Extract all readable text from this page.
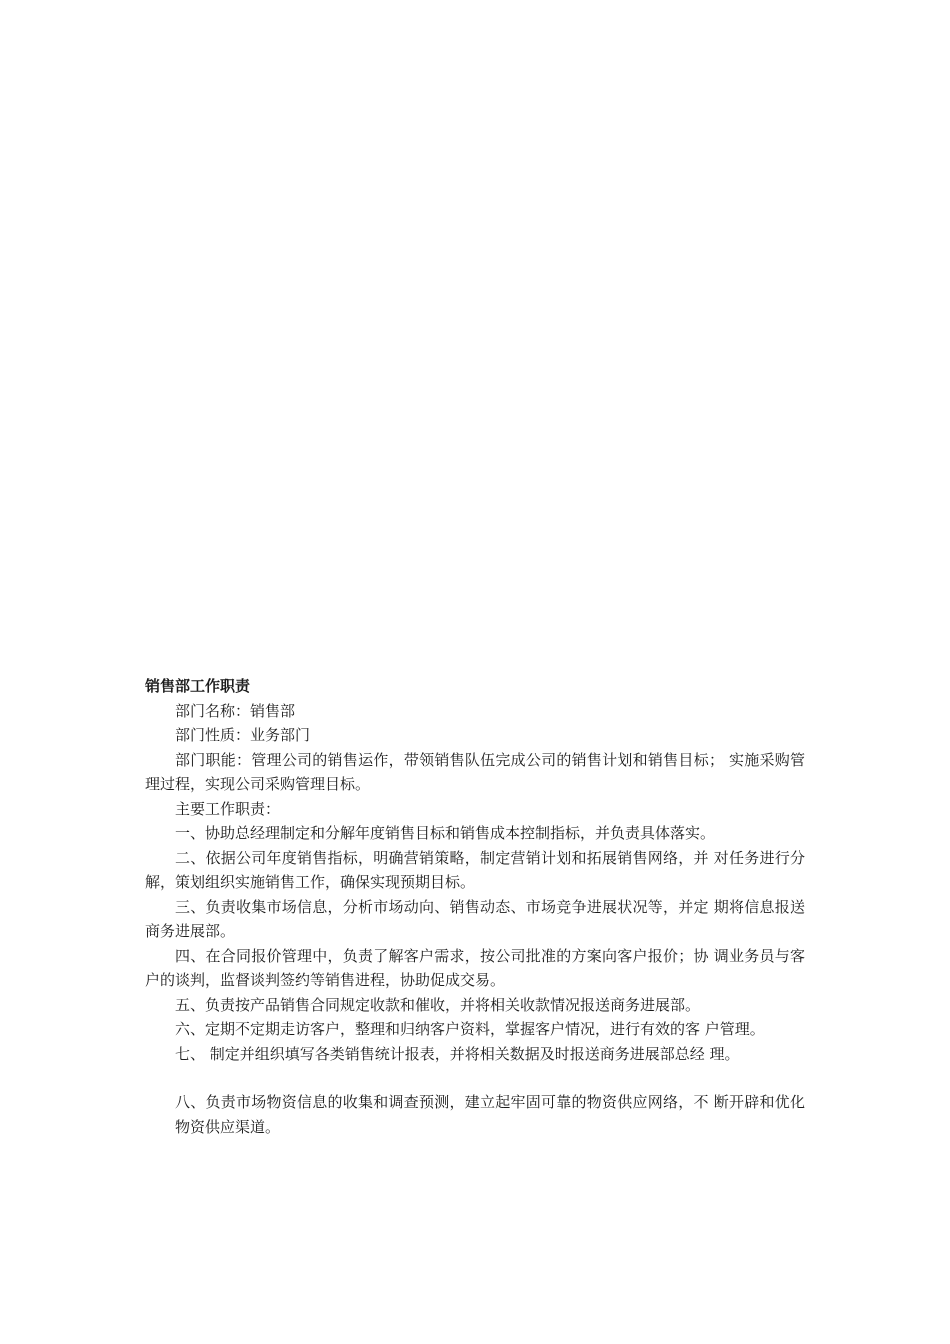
销售部工作职责

部门名称：销售部

部门性质：业务部门

部门职能：管理公司的销售运作，带领销售队伍完成公司的销售计划和销售目标； 实施采购管理过程，实现公司采购管理目标。

主要工作职责：

一、协助总经理制定和分解年度销售目标和销售成本控制指标，并负责具体落实。

二、依据公司年度销售指标，明确营销策略，制定营销计划和拓展销售网络，并 对任务进行分解，策划组织实施销售工作，确保实现预期目标。

三、负责收集市场信息，分析市场动向、销售动态、市场竞争进展状况等，并定 期将信息报送商务进展部。

四、在合同报价管理中，负责了解客户需求，按公司批准的方案向客户报价；协 调业务员与客户的谈判，监督谈判签约等销售进程，协助促成交易。

五、负责按产品销售合同规定收款和催收，并将相关收款情况报送商务进展部。

六、定期不定期走访客户，整理和归纳客户资料，掌握客户情况，进行有效的客 户管理。

七、 制定并组织填写各类销售统计报表，并将相关数据及时报送商务进展部总经 理。

八、负责市场物资信息的收集和调查预测，建立起牢固可靠的物资供应网络，不 断开辟和优化物资供应渠道。
